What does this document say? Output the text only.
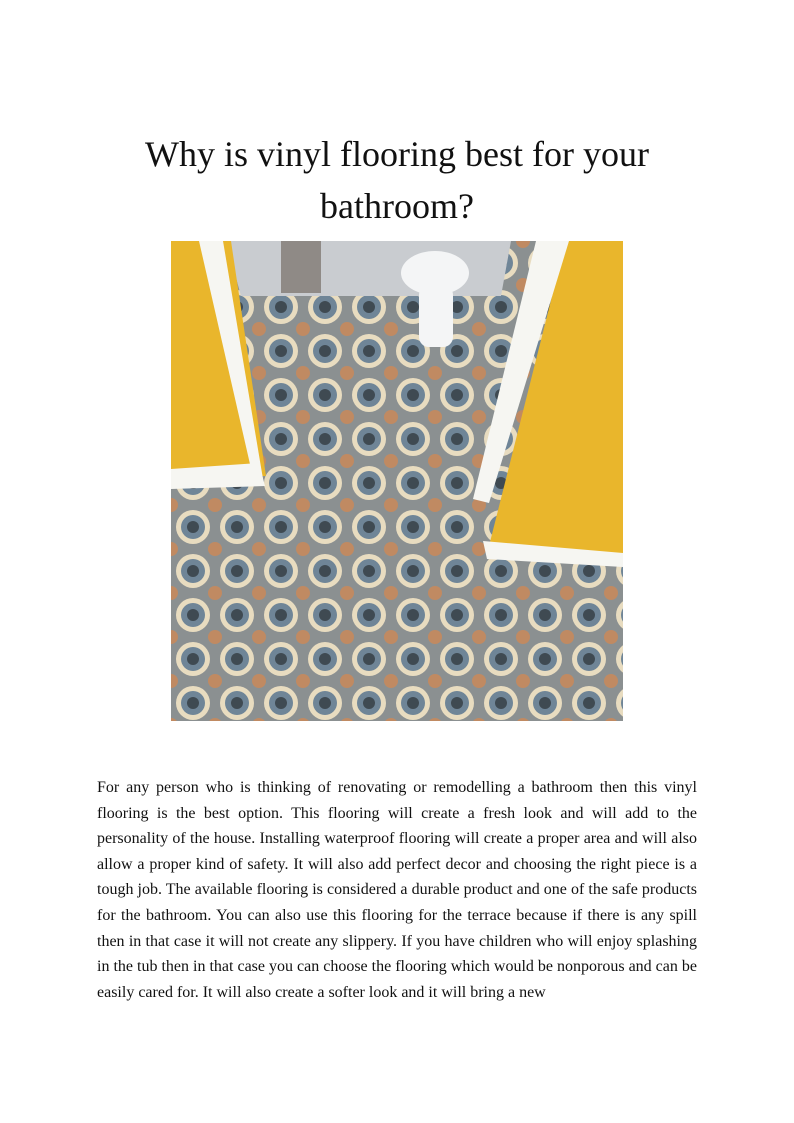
Why is vinyl flooring best for your bathroom?

For any person who is thinking of renovating or remodelling a bathroom then this vinyl flooring is the best option. This flooring will create a fresh look and will add to the personality of the house. Installing waterproof flooring will create a proper area and will also allow a proper kind of safety. It will also add perfect decor and choosing the right piece is a tough job. The available flooring is considered a durable product and one of the safe products for the bathroom. You can also use this flooring for the terrace because if there is any spill then in that case it will not create any slippery. If you have children who will enjoy splashing in the tub then in that case you can choose the flooring which would be nonporous and can be easily cared for. It will also create a softer look and it will bring a new
